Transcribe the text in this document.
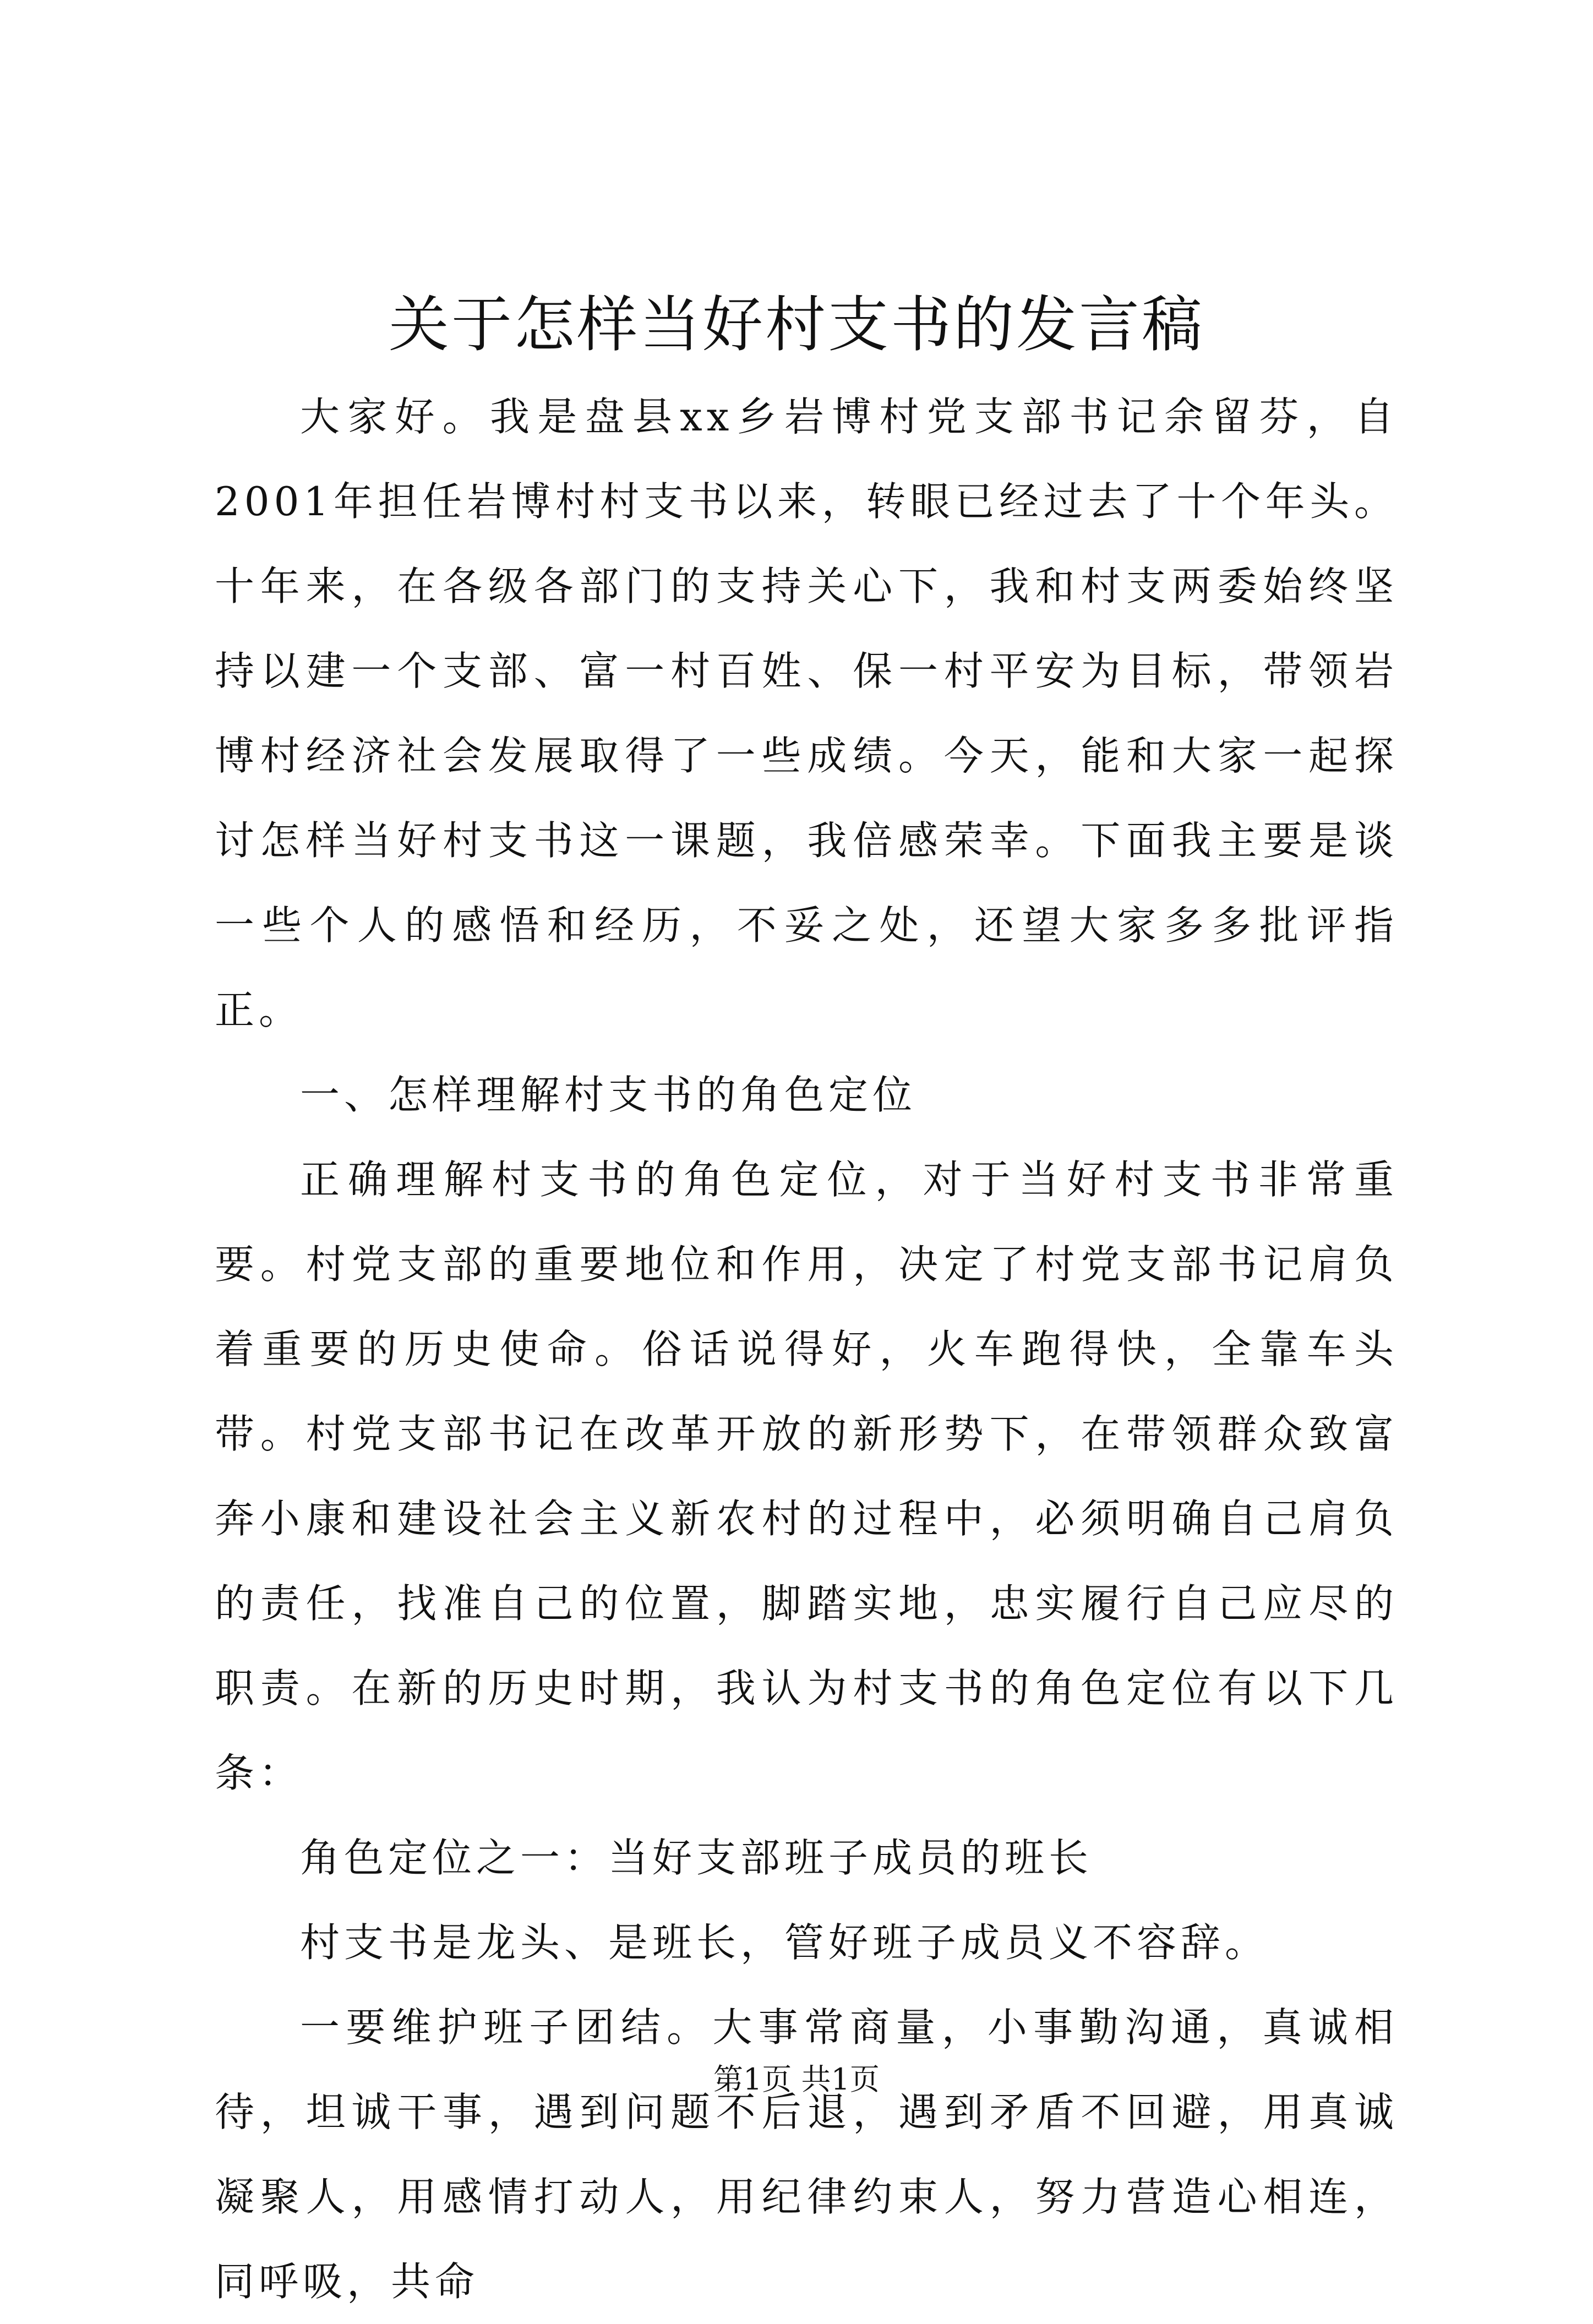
关于怎样当好村支书的发言稿

大家好。我是盘县xx乡岩博村党支部书记余留芬，自2001年担任岩博村村支书以来，转眼已经过去了十个年头。十年来，在各级各部门的支持关心下，我和村支两委始终坚持以建一个支部、富一村百姓、保一村平安为目标，带领岩博村经济社会发展取得了一些成绩。今天，能和大家一起探讨怎样当好村支书这一课题，我倍感荣幸。下面我主要是谈一些个人的感悟和经历，不妥之处，还望大家多多批评指正。

一、怎样理解村支书的角色定位

正确理解村支书的角色定位，对于当好村支书非常重要。村党支部的重要地位和作用，决定了村党支部书记肩负着重要的历史使命。俗话说得好，火车跑得快，全靠车头带。村党支部书记在改革开放的新形势下，在带领群众致富奔小康和建设社会主义新农村的过程中，必须明确自己肩负的责任，找准自己的位置，脚踏实地，忠实履行自己应尽的职责。在新的历史时期，我认为村支书的角色定位有以下几条：

角色定位之一：当好支部班子成员的班长

村支书是龙头、是班长，管好班子成员义不容辞。

一要维护班子团结。大事常商量，小事勤沟通，真诚相待，坦诚干事，遇到问题不后退，遇到矛盾不回避，用真诚凝聚人，用感情打动人，用纪律约束人，努力营造心相连，同呼吸，共命

第1页 共1页
